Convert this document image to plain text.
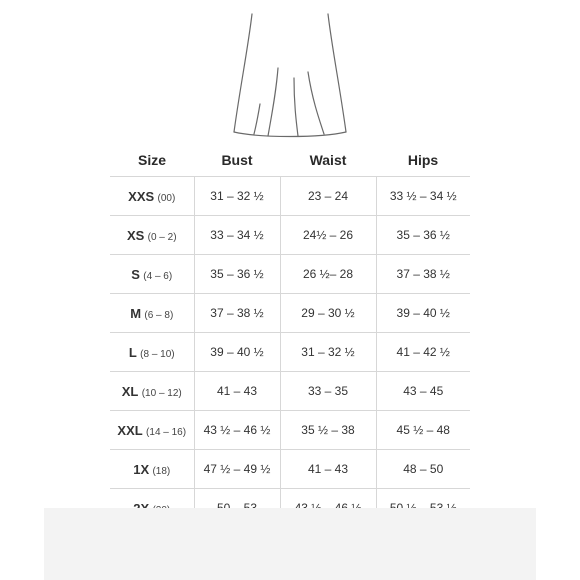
Size	Bust	Waist	Hips
XXS (00)	31 – 32 ½	23 – 24	33 ½ – 34 ½
XS (0 – 2)	33 – 34 ½	24½ – 26	35 – 36 ½
S (4 – 6)	35 – 36 ½	26 ½– 28	37 – 38 ½
M (6 – 8)	37 – 38 ½	29 – 30 ½	39 – 40 ½
L (8 – 10)	39 – 40 ½	31 – 32 ½	41 – 42 ½
XL (10 – 12)	41 – 43	33 – 35	43 – 45
XXL (14 – 16)	43 ½ – 46 ½	35 ½ – 38	45 ½ – 48
1X (18)	47 ½ – 49 ½	41 – 43	48 – 50
